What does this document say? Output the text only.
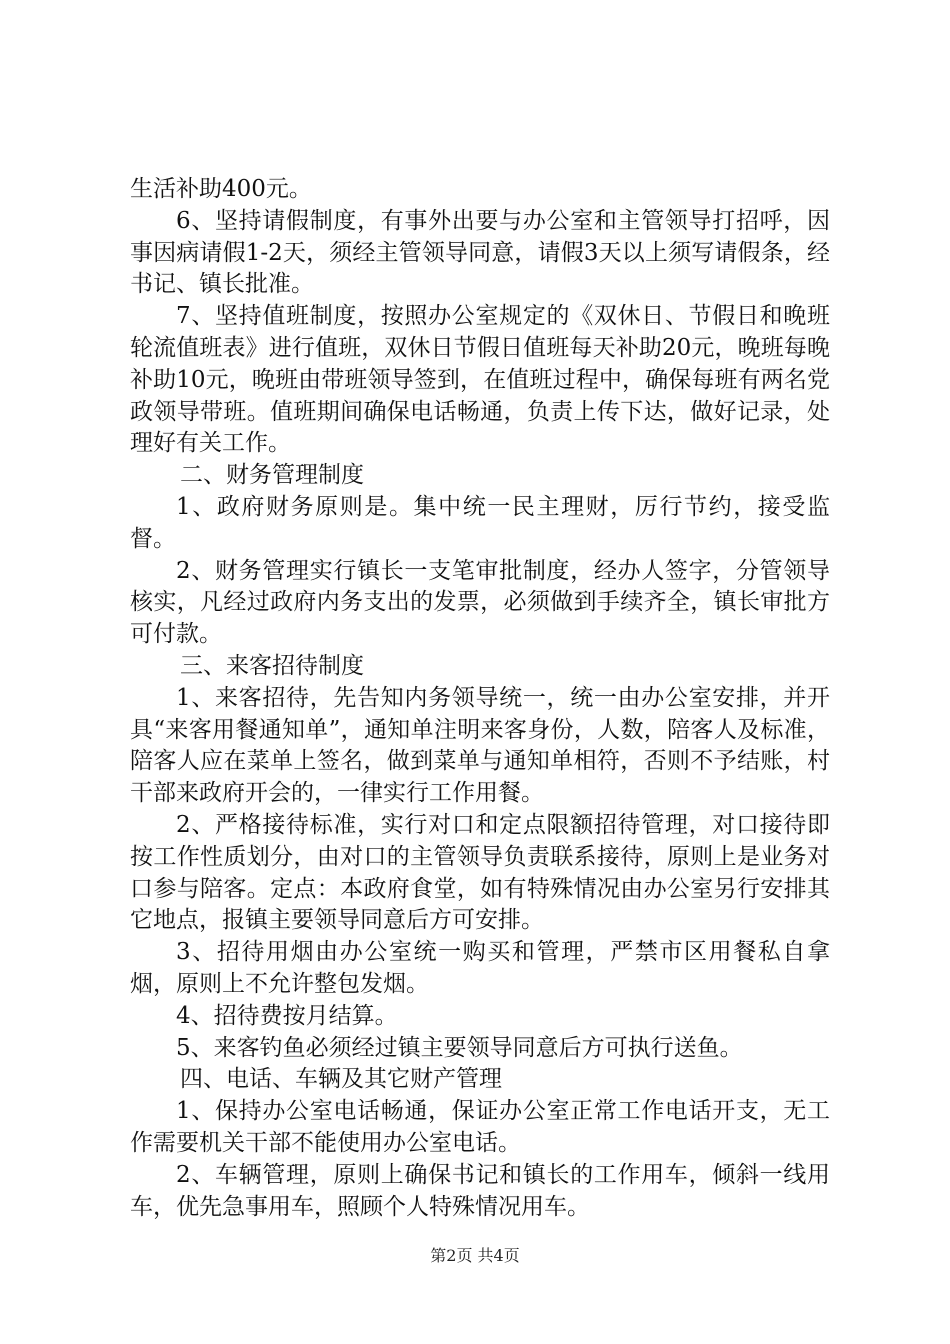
生活补助400元。

6、坚持请假制度，有事外出要与办公室和主管领导打招呼，因事因病请假1-2天，须经主管领导同意，请假3天以上须写请假条，经书记、镇长批准。

7、坚持值班制度，按照办公室规定的《双休日、节假日和晚班轮流值班表》进行值班，双休日节假日值班每天补助20元，晚班每晚补助10元，晚班由带班领导签到，在值班过程中，确保每班有两名党政领导带班。值班期间确保电话畅通，负责上传下达，做好记录，处理好有关工作。

二、财务管理制度

1、政府财务原则是。集中统一民主理财，厉行节约，接受监督。

2、财务管理实行镇长一支笔审批制度，经办人签字，分管领导核实，凡经过政府内务支出的发票，必须做到手续齐全，镇长审批方可付款。

三、来客招待制度

1、来客招待，先告知内务领导统一，统一由办公室安排，并开具“来客用餐通知单”，通知单注明来客身份，人数，陪客人及标准，陪客人应在菜单上签名，做到菜单与通知单相符，否则不予结账，村干部来政府开会的，一律实行工作用餐。

2、严格接待标准，实行对口和定点限额招待管理，对口接待即按工作性质划分，由对口的主管领导负责联系接待，原则上是业务对口参与陪客。定点：本政府食堂，如有特殊情况由办公室另行安排其它地点，报镇主要领导同意后方可安排。

3、招待用烟由办公室统一购买和管理，严禁市区用餐私自拿烟，原则上不允许整包发烟。

4、招待费按月结算。

5、来客钓鱼必须经过镇主要领导同意后方可执行送鱼。

四、电话、车辆及其它财产管理

1、保持办公室电话畅通，保证办公室正常工作电话开支，无工作需要机关干部不能使用办公室电话。

2、车辆管理，原则上确保书记和镇长的工作用车，倾斜一线用车，优先急事用车，照顾个人特殊情况用车。

第2页 共4页
